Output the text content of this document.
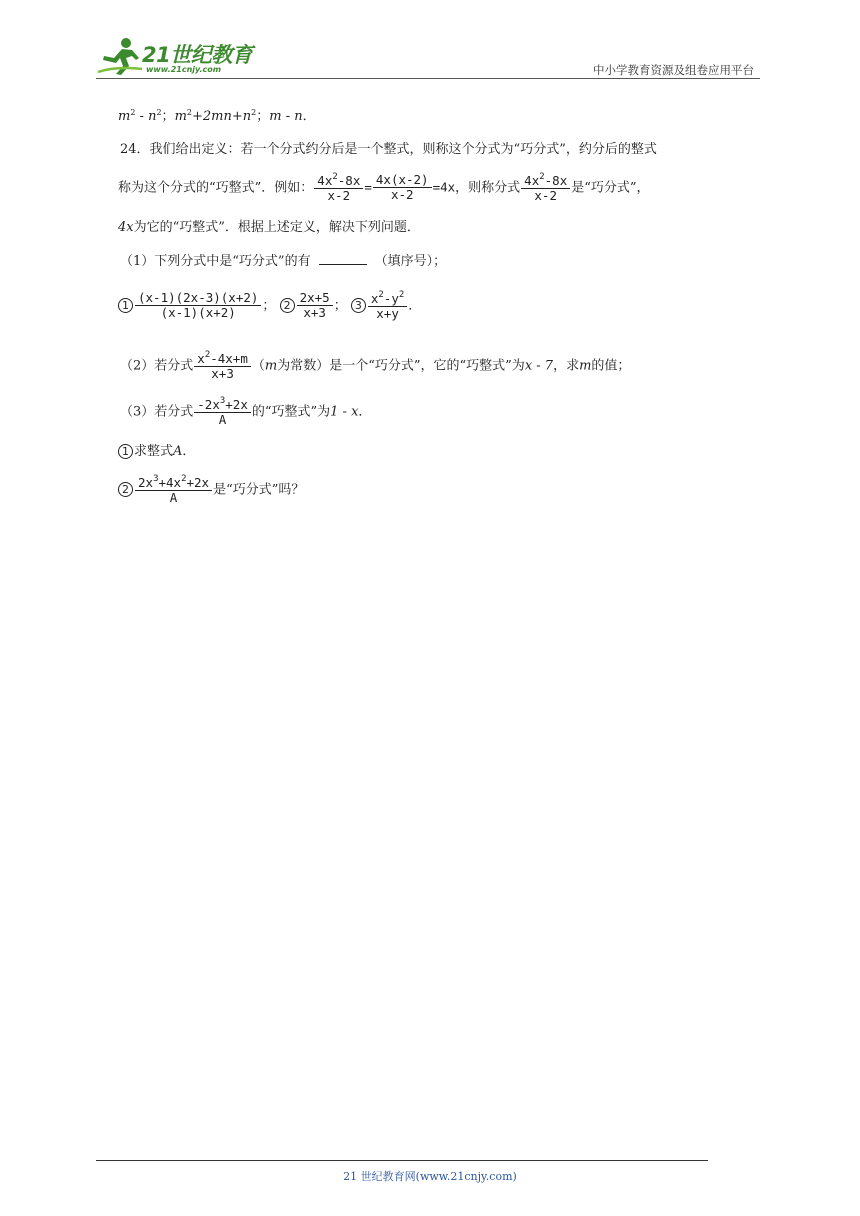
21世纪教育
www.21cnjy.com	中小学教育资源及组卷应用平台
$m^2 - n^2$；$m^2+2mn+n^2$；m - n．
24．我们给出定义：若一个分式约分后是一个整式，则称这个分式为“巧分式”，约分后的整式
称为这个分式的“巧整式”．例如： $\frac{4x^2-8x}{x-2} = \frac{4x(x-2)}{x-2} =4x$，则称分式 $\frac{4x^2-8x}{x-2}$ 是“巧分式”，
4x为它的“巧整式”．根据上述定义，解决下列问题．
（1）下列分式中是“巧分式”的有	（填序号）；
$1 \frac{(x-1)(2x-3)(x+2)}{(x-1)(x+2)}$ ； $2 \frac{2x+5}{x+3}$ ； $3 \frac{x^2-y^2}{x+y}$ ．
（2）若分式 $\frac{x^2-4x+m}{x+3} (m$为常数）是一个“巧分式”，它的“巧整式”为x - 7，求m的值；
（3）若分式 $\frac{-2x^3+2x}{A}$ 的“巧整式”为1 - x．
1 求整式A．
$2 \frac{2x^3+4x^2+2x}{A}$ 是“巧分式”吗？
21 世纪教育网(www.21cnjy.com)
